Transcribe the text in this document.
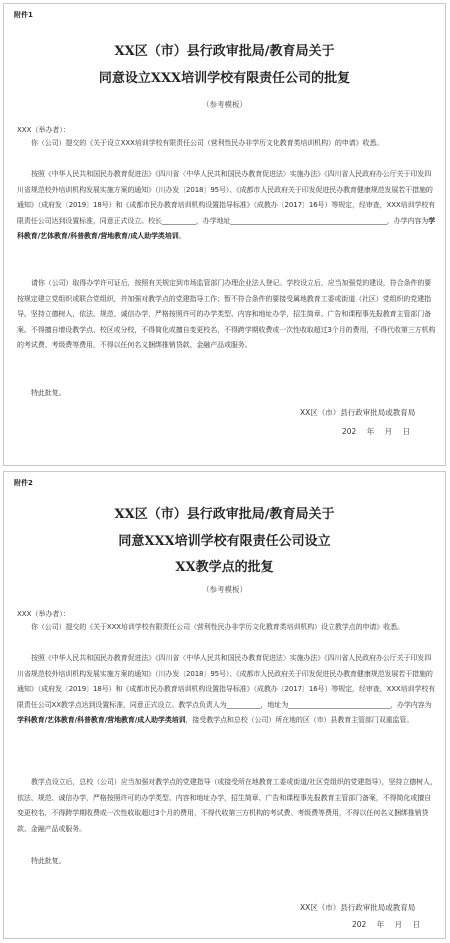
附件1
XX区（市）县行政审批局/教育局关于
同意设立XXX培训学校有限责任公司的批复
（参考模板）
XXX（举办者）：
你（公司）提交的《关于设立XXX培训学校有限责任公司（营利性民办非学历文化教育类培训机构）的申请》收悉。
按照《中华人民共和国民办教育促进法》《四川省〈中华人民共和国民办教育促进法〉实施办法》《四川省人民政府办公厅关于印发四川省规范校外培训机构发展实施方案的通知》（川办发〔2018〕95号）、《成都市人民政府关于印发促进民办教育健康规范发展若干措施的通知》（成府发〔2019〕18号）和《成都市民办教育培训机构设置指导标准》（成教办〔2017〕16号）等规定，经审查，XXX培训学校有限责任公司达到设置标准，同意正式设立。校长__________，办学地址______________________________________________，办学内容为学科教育/艺体教育/科普教育/营地教育/成人助学类培训。
请你（公司）取得办学许可证后，按照有关规定到市场监管部门办理企业法人登记。学校设立后，应当加强党的建设，符合条件的要按规定建立党组织或联合党组织，并加强对教学点的党建指导工作；暂不符合条件的要接受属地教育工委或街道（社区）党组织的党建指导。坚持立德树人，依法、规范、诚信办学，严格按照许可的办学类型、内容和地址办学，招生简章、广告和课程事先报教育主管部门备案。不得擅自增设教学点、校区或分校，不得简化或擅自变更校名，不得跨学期收费或一次性收取超过3个月的费用，不得代收第三方机构的考试费、考级费等费用，不得以任何名义捆绑推销贷款、金融产品或服务。
特此批复。
XX区（市）县行政审批局或教育局
202 年 月 日
附件2
XX区（市）县行政审批局/教育局关于
同意XXX培训学校有限责任公司设立
XX教学点的批复
（参考模板）
XXX（举办者）：
你（公司）提交的《关于XXX培训学校有限责任公司（营利性民办非学历文化教育类培训机构）设立教学点的申请》收悉。
按照《中华人民共和国民办教育促进法》《四川省〈中华人民共和国民办教育促进法〉实施办法》《四川省人民政府办公厅关于印发四川省规范校外培训机构发展实施方案的通知》（川办发〔2018〕95号）、《成都市人民政府关于印发促进民办教育健康规范发展若干措施的通知》（成府发〔2019〕18号）和《成都市民办教育培训机构设置指导标准》（成教办〔2017〕16号）等规定，经审查，XXX培训学校有限责任公司XX教学点达到设置标准，同意正式设立。教学点负责人为__________，地址为______________________________，办学内容为学科教育/艺体教育/科普教育/营地教育/成人助学类培训，接受教学点和总校（公司）所在地的区（市）县教育主管部门双重监管。
教学点设立后，总校（公司）应当加强对教学点的党建指导（或接受所在地教育工委或街道/社区党组织的党建指导），坚持立德树人，依法、规范、诚信办学，严格按照许可的办学类型、内容和地址办学，招生简章、广告和课程事先报教育主管部门备案，不得简化或擅自变更校名，不得跨学期收费或一次性收取超过3个月的费用，不得代收第三方机构的考试费、考级费等费用，不得以任何名义捆绑推销贷款、金融产品或服务。
特此批复。
XX区（市）县行政审批局或教育局
202 年 月 日
